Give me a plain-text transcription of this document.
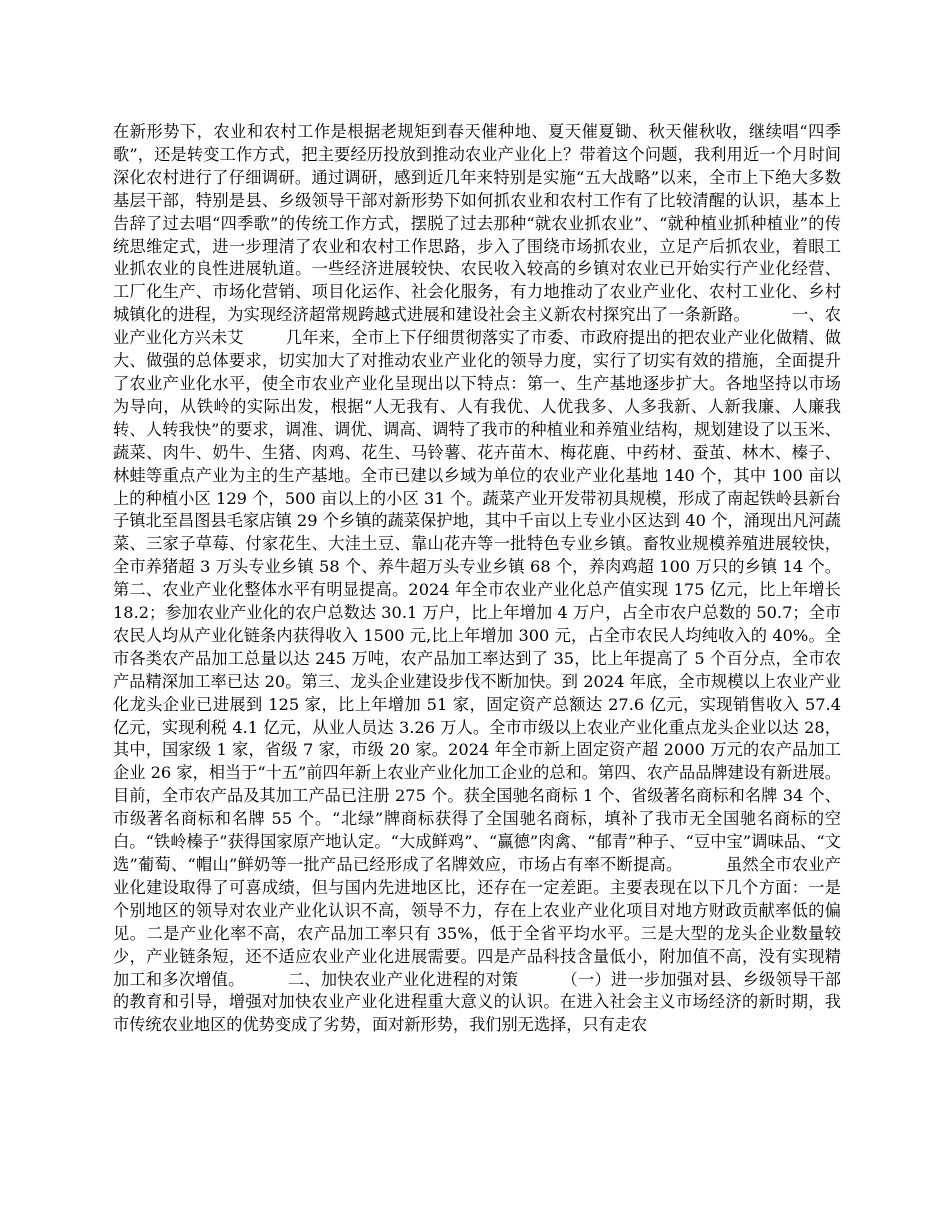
在新形势下，农业和农村工作是根据老规矩到春天催种地、夏天催夏锄、秋天催秋收，继续唱“四季歌”，还是转变工作方式，把主要经历投放到推动农业产业化上？带着这个问题，我利用近一个月时间深化农村进行了仔细调研。通过调研，感到近几年来特别是实施“五大战略”以来，全市上下绝大多数基层干部，特别是县、乡级领导干部对新形势下如何抓农业和农村工作有了比较清醒的认识，基本上告辞了过去唱“四季歌”的传统工作方式，摆脱了过去那种“就农业抓农业”、“就种植业抓种植业”的传统思维定式，进一步理清了农业和农村工作思路，步入了围绕市场抓农业，立足产后抓农业，着眼工业抓农业的良性进展轨道。一些经济进展较快、农民收入较高的乡镇对农业已开始实行产业化经营、工厂化生产、市场化营销、项目化运作、社会化服务，有力地推动了农业产业化、农村工业化、乡村城镇化的进程，为实现经济超常规跨越式进展和建设社会主义新农村探究出了一条新路。        一、农业产业化方兴未艾        几年来，全市上下仔细贯彻落实了市委、市政府提出的把农业产业化做精、做大、做强的总体要求，切实加大了对推动农业产业化的领导力度，实行了切实有效的措施，全面提升了农业产业化水平，使全市农业产业化呈现出以下特点：第一、生产基地逐步扩大。各地坚持以市场为导向，从铁岭的实际出发，根据“人无我有、人有我优、人优我多、人多我新、人新我廉、人廉我转、人转我快”的要求，调准、调优、调高、调特了我市的种植业和养殖业结构，规划建设了以玉米、蔬菜、肉牛、奶牛、生猪、肉鸡、花生、马铃薯、花卉苗木、梅花鹿、中药材、蚕茧、林木、榛子、林蛙等重点产业为主的生产基地。全市已建以乡域为单位的农业产业化基地 140 个，其中 100 亩以上的种植小区 129 个，500 亩以上的小区 31 个。蔬菜产业开发带初具规模，形成了南起铁岭县新台子镇北至昌图县毛家店镇 29 个乡镇的蔬菜保护地，其中千亩以上专业小区达到 40 个，涌现出凡河蔬菜、三家子草莓、付家花生、大洼土豆、靠山花卉等一批特色专业乡镇。畜牧业规模养殖进展较快，全市养猪超 3 万头专业乡镇 58 个、养牛超万头专业乡镇 68 个，养肉鸡超 100 万只的乡镇 14 个。第二、农业产业化整体水平有明显提高。2024 年全市农业产业化总产值实现 175 亿元，比上年增长 18.2；参加农业产业化的农户总数达 30.1 万户，比上年增加 4 万户，占全市农户总数的 50.7；全市农民人均从产业化链条内获得收入 1500 元,比上年增加 300 元，占全市农民人均纯收入的 40%。全市各类农产品加工总量以达 245 万吨，农产品加工率达到了 35，比上年提高了 5 个百分点，全市农产品精深加工率已达 20。第三、龙头企业建设步伐不断加快。到 2024 年底，全市规模以上农业产业化龙头企业已进展到 125 家，比上年增加 51 家，固定资产总额达 27.6 亿元，实现销售收入 57.4 亿元，实现利税 4.1 亿元，从业人员达 3.26 万人。全市市级以上农业产业化重点龙头企业以达 28，其中，国家级 1 家，省级 7 家，市级 20 家。2024 年全市新上固定资产超 2000 万元的农产品加工企业 26 家，相当于“十五”前四年新上农业产业化加工企业的总和。第四、农产品品牌建设有新进展。目前，全市农产品及其加工产品已注册 275 个。获全国驰名商标 1 个、省级著名商标和名牌 34 个、市级著名商标和名牌 55 个。“北绿”牌商标获得了全国驰名商标，填补了我市无全国驰名商标的空白。“铁岭榛子”获得国家原产地认定。“大成鲜鸡”、“赢德”肉禽、“郁青”种子、“豆中宝”调味品、“文选”葡萄、“帽山”鲜奶等一批产品已经形成了名牌效应，市场占有率不断提高。        虽然全市农业产业化建设取得了可喜成绩，但与国内先进地区比，还存在一定差距。主要表现在以下几个方面：一是个别地区的领导对农业产业化认识不高，领导不力，存在上农业产业化项目对地方财政贡献率低的偏见。二是产业化率不高，农产品加工率只有 35%，低于全省平均水平。三是大型的龙头企业数量较少，产业链条短，还不适应农业产业化进展需要。四是产品科技含量低小，附加值不高，没有实现精加工和多次增值。        二、加快农业产业化进程的对策        （一）进一步加强对县、乡级领导干部的教育和引导，增强对加快农业产业化进程重大意义的认识。在进入社会主义市场经济的新时期，我市传统农业地区的优势变成了劣势，面对新形势，我们别无选择，只有走农
